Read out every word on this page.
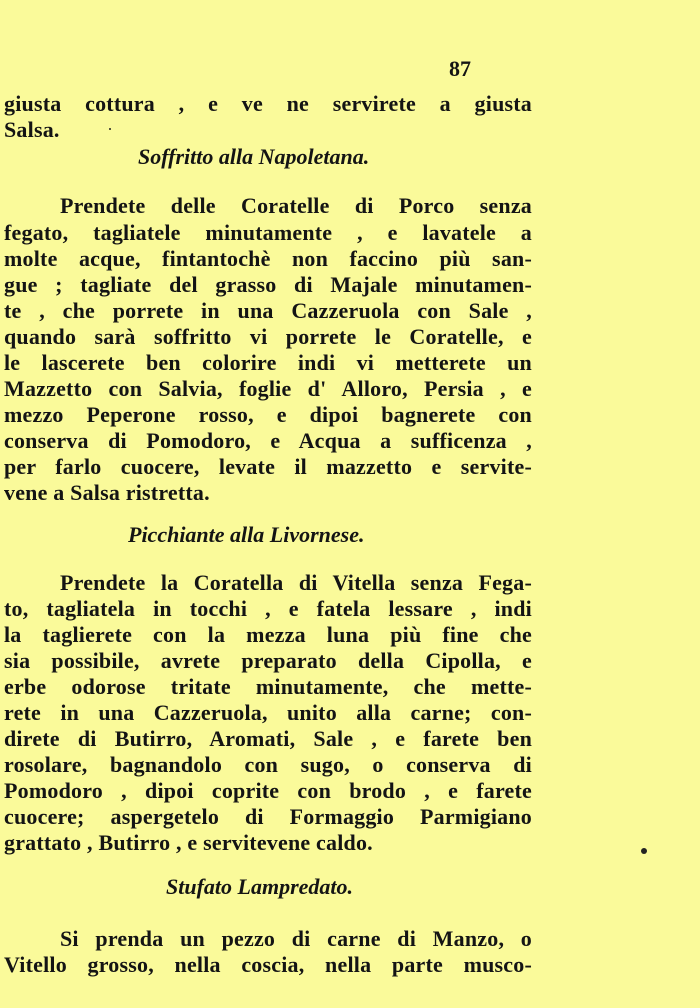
87
giusta cottura , e ve ne servirete a giusta
Salsa.
Soffritto alla Napoletana.
Prendete delle Coratelle di Porco senza
fegato, tagliatele minutamente , e lavatele a
molte acque, fintantochè non faccino più san-
gue ; tagliate del grasso di Majale minutamen-
te , che porrete in una Cazzeruola con Sale ,
quando sarà soffritto vi porrete le Coratelle, e
le lascerete ben colorire indi vi metterete un
Mazzetto con Salvia, foglie d' Alloro, Persia , e
mezzo Peperone rosso, e dipoi bagnerete con
conserva di Pomodoro, e Acqua a sufficenza ,
per farlo cuocere, levate il mazzetto e servite-
vene a Salsa ristretta.
Picchiante alla Livornese.
Prendete la Coratella di Vitella senza Fega-
to, tagliatela in tocchi , e fatela lessare , indi
la taglierete con la mezza luna più fine che
sia possibile, avrete preparato della Cipolla, e
erbe odorose tritate minutamente, che mette-
rete in una Cazzeruola, unito alla carne; con-
direte di Butirro, Aromati, Sale , e farete ben
rosolare, bagnandolo con sugo, o conserva di
Pomodoro , dipoi coprite con brodo , e farete
cuocere; aspergetelo di Formaggio Parmigiano
grattato , Butirro , e servitevene caldo.
Stufato Lampredato.
Si prenda un pezzo di carne di Manzo, o
Vitello grosso, nella coscia, nella parte musco-
